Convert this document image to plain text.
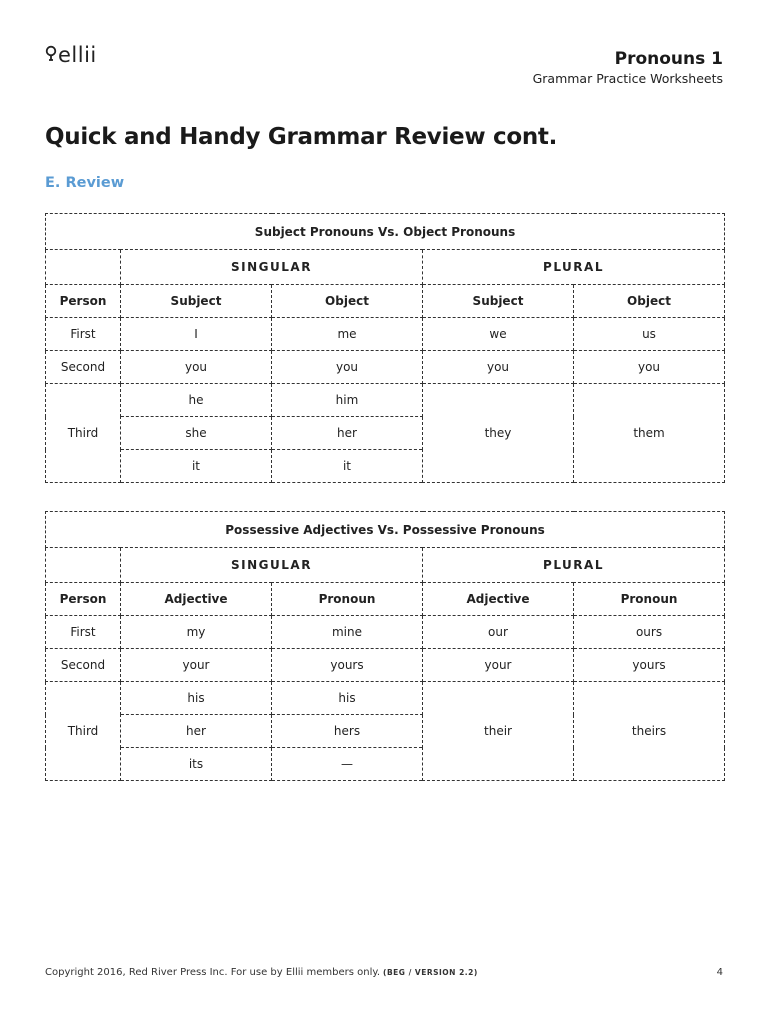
ellii	Pronouns 1
Grammar Practice Worksheets
Quick and Handy Grammar Review cont.
E. Review
Subject Pronouns Vs. Object Pronouns				
	SINGULAR		PLURAL	
Person	Subject	Object	Subject	Object
First	I	me	we	us
Second	you	you	you	you
Third	he	him	they	them
	she	her		
	it	it		
Possessive Adjectives Vs. Possessive Pronouns				
	SINGULAR		PLURAL	
Person	Adjective	Pronoun	Adjective	Pronoun
First	my	mine	our	ours
Second	your	yours	your	yours
Third	his	his	their	theirs
	her	hers		
	its	—		
Copyright 2016, Red River Press Inc. For use by Ellii members only. (BEG / VERSION 2.2)	4
